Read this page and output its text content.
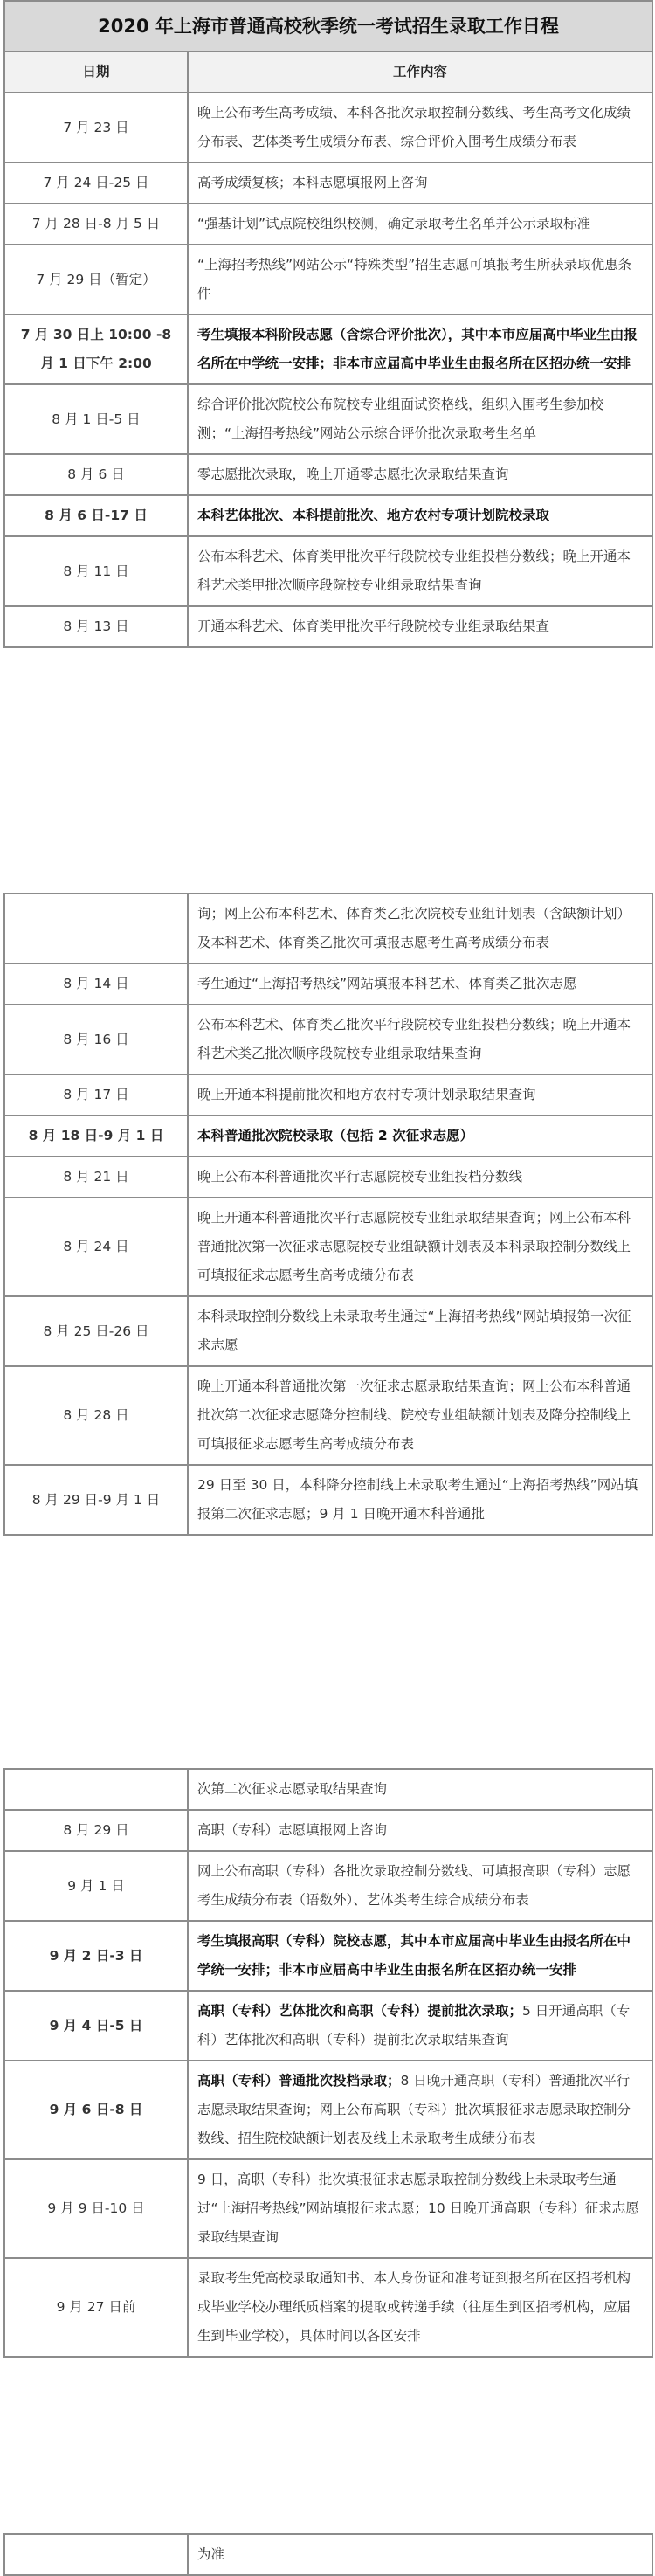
2020 年上海市普通高校秋季统一考试招生录取工作日程	
日期	工作内容
7 月 23 日	晚上公布考生高考成绩、本科各批次录取控制分数线、考生高考文化成绩分布表、艺体类考生成绩分布表、综合评价入围考生成绩分布表
7 月 24 日-25 日	高考成绩复核；本科志愿填报网上咨询
7 月 28 日-8 月 5 日	“强基计划”试点院校组织校测，确定录取考生名单并公示录取标准
7 月 29 日（暂定）	“上海招考热线”网站公示“特殊类型”招生志愿可填报考生所获录取优惠条件
7 月 30 日上 10:00 -8 月 1 日下午 2:00	考生填报本科阶段志愿（含综合评价批次），其中本市应届高中毕业生由报名所在中学统一安排；非本市应届高中毕业生由报名所在区招办统一安排
8 月 1 日-5 日	综合评价批次院校公布院校专业组面试资格线，组织入围考生参加校测；“上海招考热线”网站公示综合评价批次录取考生名单
8 月 6 日	零志愿批次录取，晚上开通零志愿批次录取结果查询
8 月 6 日-17 日	本科艺体批次、本科提前批次、地方农村专项计划院校录取
8 月 11 日	公布本科艺术、体育类甲批次平行段院校专业组投档分数线；晚上开通本科艺术类甲批次顺序段院校专业组录取结果查询
8 月 13 日	开通本科艺术、体育类甲批次平行段院校专业组录取结果查
	询；网上公布本科艺术、体育类乙批次院校专业组计划表（含缺额计划）及本科艺术、体育类乙批次可填报志愿考生高考成绩分布表
8 月 14 日	考生通过“上海招考热线”网站填报本科艺术、体育类乙批次志愿
8 月 16 日	公布本科艺术、体育类乙批次平行段院校专业组投档分数线；晚上开通本科艺术类乙批次顺序段院校专业组录取结果查询
8 月 17 日	晚上开通本科提前批次和地方农村专项计划录取结果查询
8 月 18 日-9 月 1 日	本科普通批次院校录取（包括 2 次征求志愿）
8 月 21 日	晚上公布本科普通批次平行志愿院校专业组投档分数线
8 月 24 日	晚上开通本科普通批次平行志愿院校专业组录取结果查询；网上公布本科普通批次第一次征求志愿院校专业组缺额计划表及本科录取控制分数线上可填报征求志愿考生高考成绩分布表
8 月 25 日-26 日	本科录取控制分数线上未录取考生通过“上海招考热线”网站填报第一次征求志愿
8 月 28 日	晚上开通本科普通批次第一次征求志愿录取结果查询；网上公布本科普通批次第二次征求志愿降分控制线、院校专业组缺额计划表及降分控制线上可填报征求志愿考生高考成绩分布表
8 月 29 日-9 月 1 日	29 日至 30 日，本科降分控制线上未录取考生通过“上海招考热线”网站填报第二次征求志愿；9 月 1 日晚开通本科普通批
	次第二次征求志愿录取结果查询
8 月 29 日	高职（专科）志愿填报网上咨询
9 月 1 日	网上公布高职（专科）各批次录取控制分数线、可填报高职（专科）志愿考生成绩分布表（语数外）、艺体类考生综合成绩分布表
9 月 2 日-3 日	考生填报高职（专科）院校志愿，其中本市应届高中毕业生由报名所在中学统一安排；非本市应届高中毕业生由报名所在区招办统一安排
9 月 4 日-5 日	高职（专科）艺体批次和高职（专科）提前批次录取；5 日开通高职（专科）艺体批次和高职（专科）提前批次录取结果查询
9 月 6 日-8 日	高职（专科）普通批次投档录取；8 日晚开通高职（专科）普通批次平行志愿录取结果查询；网上公布高职（专科）批次填报征求志愿录取控制分数线、招生院校缺额计划表及线上未录取考生成绩分布表
9 月 9 日-10 日	9 日，高职（专科）批次填报征求志愿录取控制分数线上未录取考生通过“上海招考热线”网站填报征求志愿；10 日晚开通高职（专科）征求志愿录取结果查询
9 月 27 日前	录取考生凭高校录取通知书、本人身份证和准考证到报名所在区招考机构或毕业学校办理纸质档案的提取或转递手续（往届生到区招考机构，应届生到毕业学校），具体时间以各区安排
	为准
